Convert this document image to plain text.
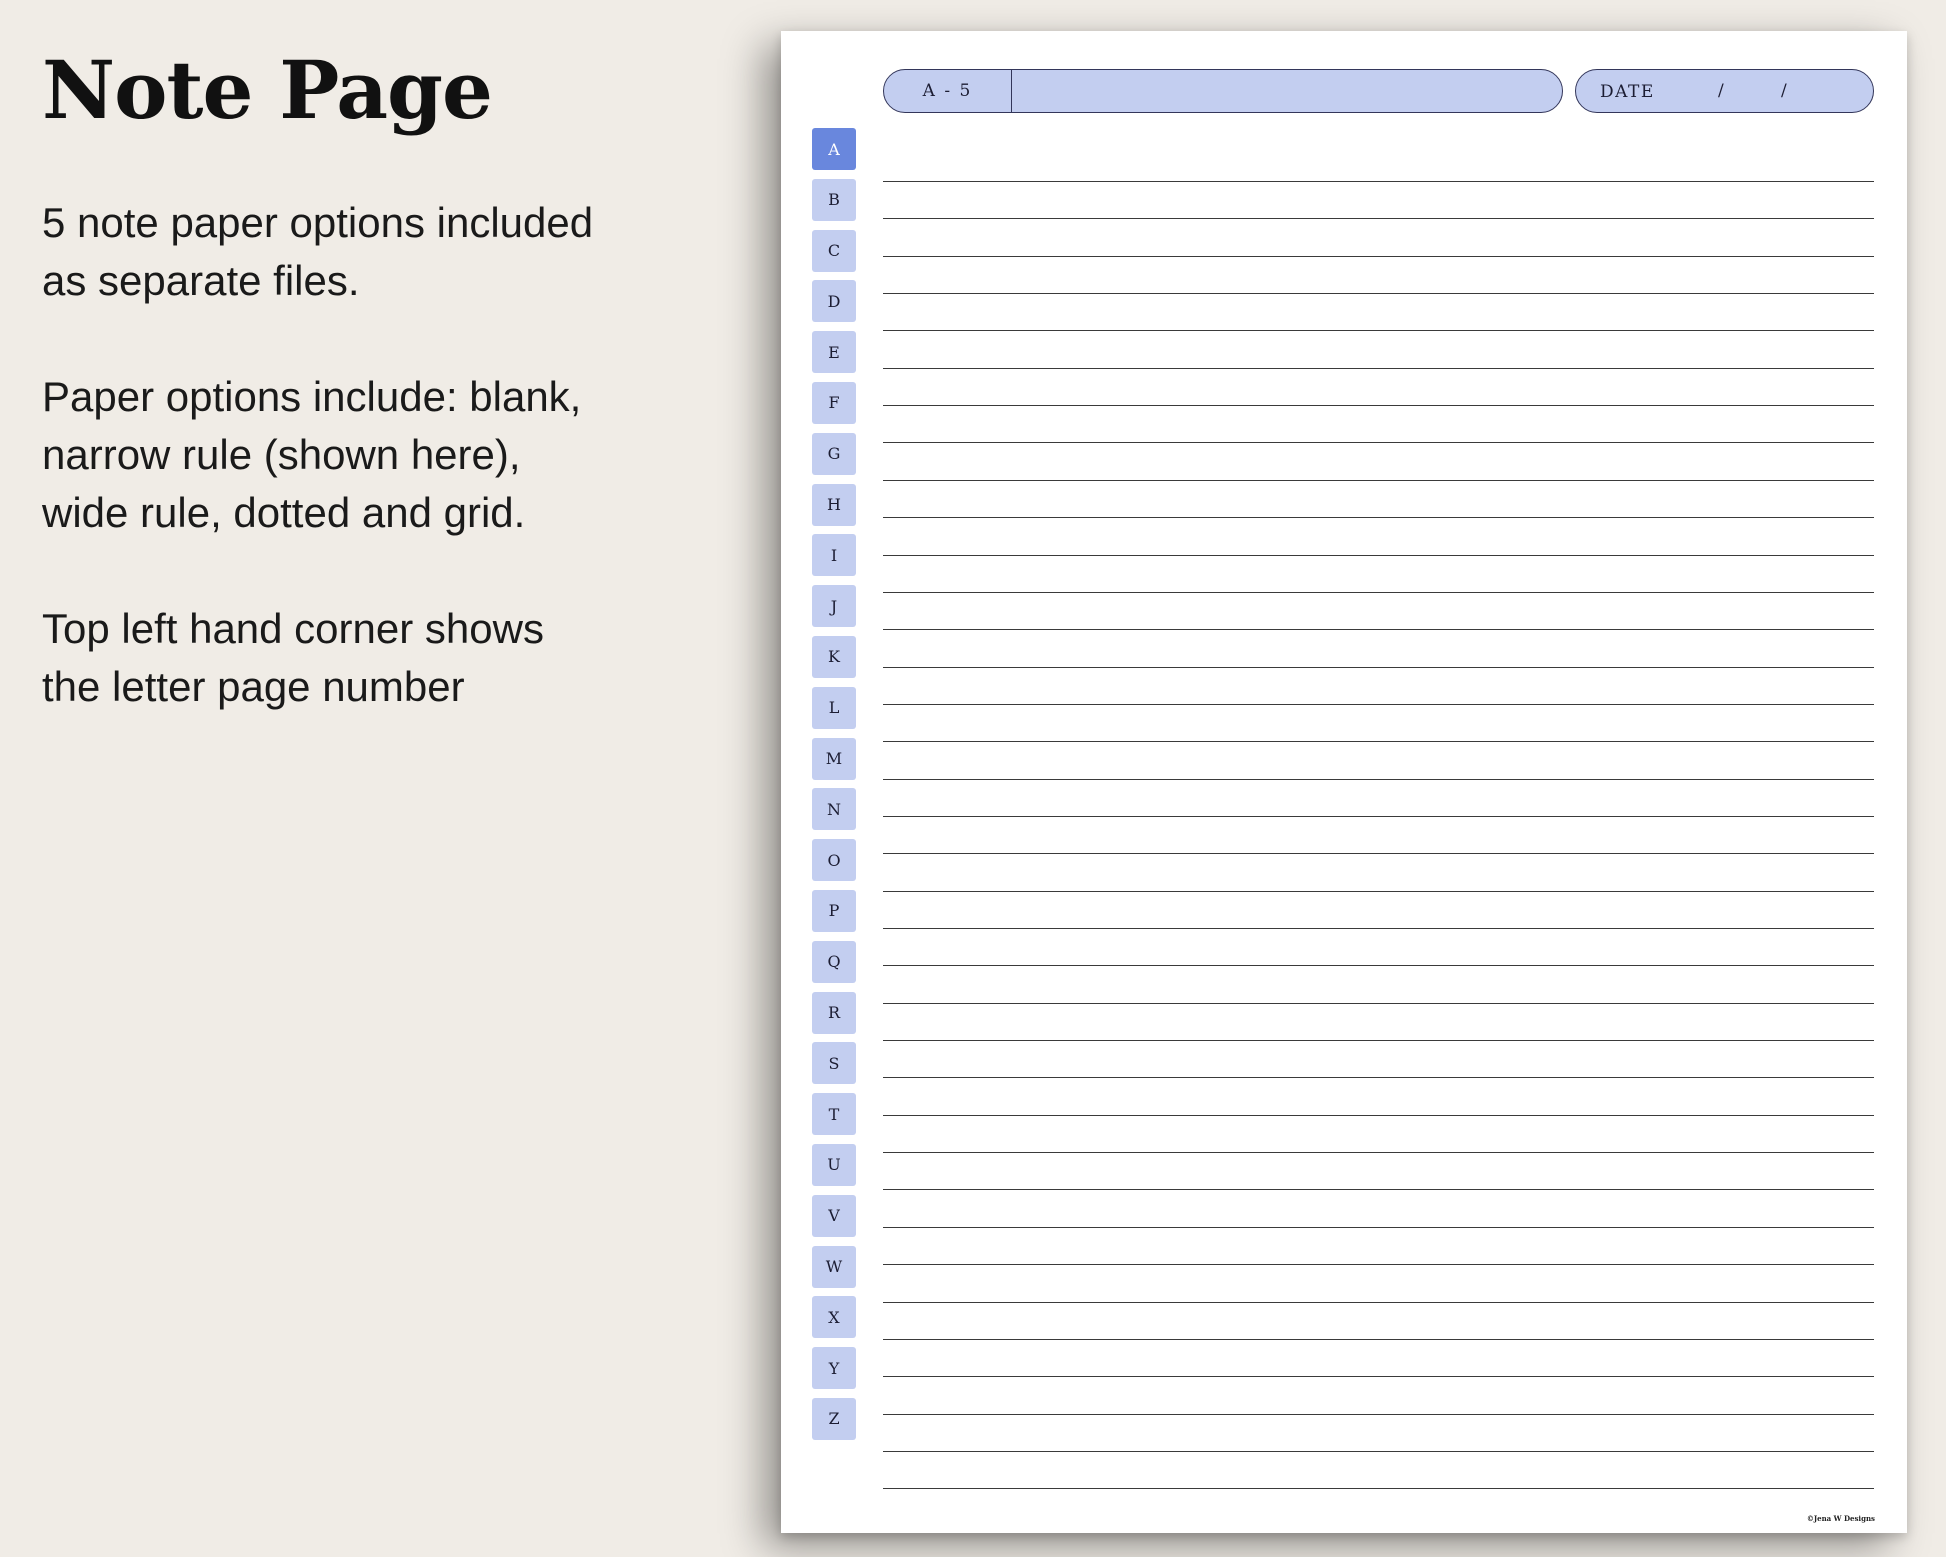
Note Page

5 note paper options included
as separate files.

Paper options include: blank,
narrow rule (shown here),
wide rule, dotted and grid.

Top left hand corner shows
the letter page number

A - 5	DATE	/	/
A
B
C
D
E
F
G
H
I
J
K
L
M
N
O
P
Q
R
S
T
U
V
W
X
Y
Z
©Jena W Designs
